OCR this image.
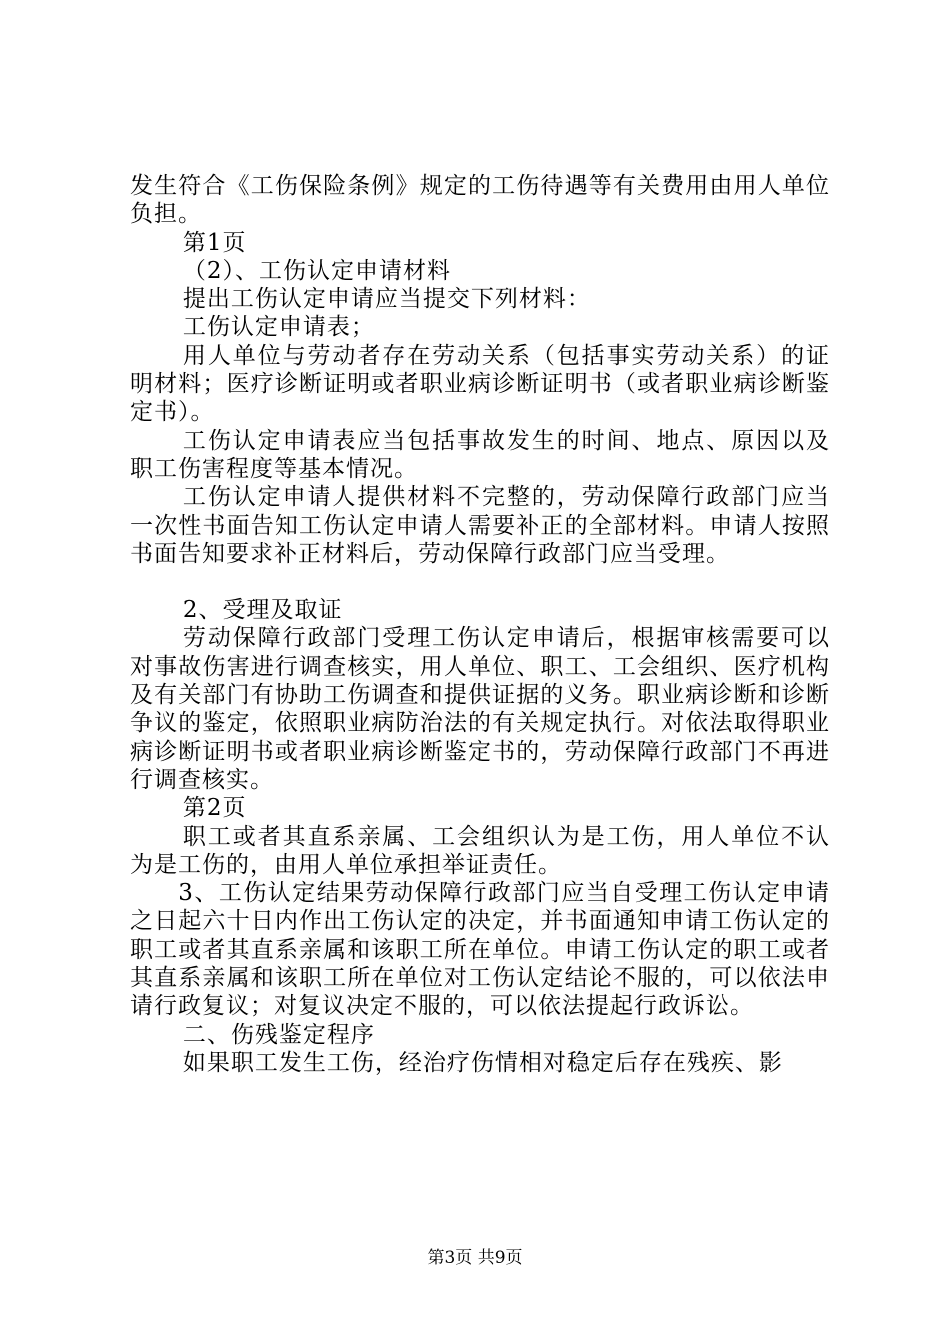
发生符合《工伤保险条例》规定的工伤待遇等有关费用由用人单位负担。

第1页

（2）、工伤认定申请材料

提出工伤认定申请应当提交下列材料：

工伤认定申请表；

用人单位与劳动者存在劳动关系（包括事实劳动关系）的证明材料；医疗诊断证明或者职业病诊断证明书（或者职业病诊断鉴定书）。

工伤认定申请表应当包括事故发生的时间、地点、原因以及职工伤害程度等基本情况。

工伤认定申请人提供材料不完整的，劳动保障行政部门应当一次性书面告知工伤认定申请人需要补正的全部材料。申请人按照书面告知要求补正材料后，劳动保障行政部门应当受理。

2、受理及取证

劳动保障行政部门受理工伤认定申请后，根据审核需要可以对事故伤害进行调查核实，用人单位、职工、工会组织、医疗机构及有关部门有协助工伤调查和提供证据的义务。职业病诊断和诊断争议的鉴定，依照职业病防治法的有关规定执行。对依法取得职业病诊断证明书或者职业病诊断鉴定书的，劳动保障行政部门不再进行调查核实。

第2页

职工或者其直系亲属、工会组织认为是工伤，用人单位不认为是工伤的，由用人单位承担举证责任。

3、工伤认定结果劳动保障行政部门应当自受理工伤认定申请之日起六十日内作出工伤认定的决定，并书面通知申请工伤认定的职工或者其直系亲属和该职工所在单位。申请工伤认定的职工或者其直系亲属和该职工所在单位对工伤认定结论不服的，可以依法申请行政复议；对复议决定不服的，可以依法提起行政诉讼。

二、伤残鉴定程序

如果职工发生工伤，经治疗伤情相对稳定后存在残疾、影

第3页 共9页
